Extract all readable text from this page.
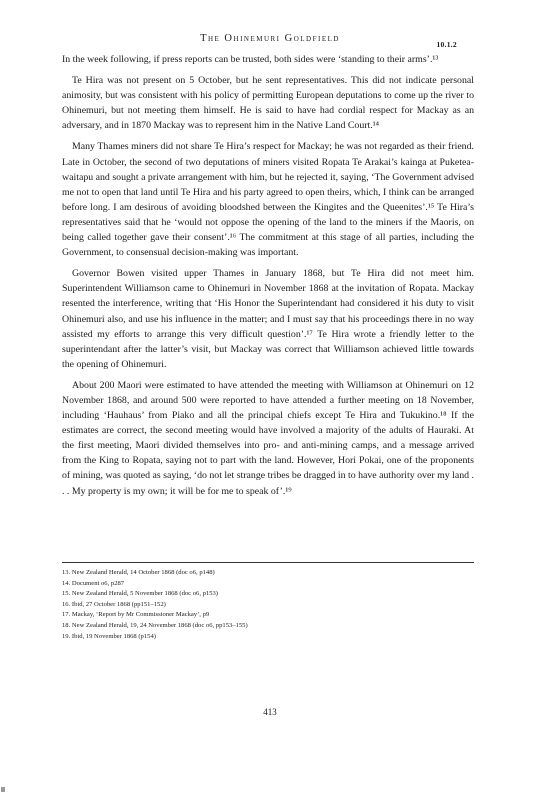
The Ohinemuri Goldfield
10.1.2

In the week following, if press reports can be trusted, both sides were ‘standing to their arms’.¹³

Te Hira was not present on 5 October, but he sent representatives. This did not indicate personal animosity, but was consistent with his policy of permitting European deputations to come up the river to Ohinemuri, but not meeting them himself. He is said to have had cordial respect for Mackay as an adversary, and in 1870 Mackay was to represent him in the Native Land Court.¹⁴

Many Thames miners did not share Te Hira’s respect for Mackay; he was not regarded as their friend. Late in October, the second of two deputations of miners visited Ropata Te Arakai’s kainga at Puketea-waitapu and sought a private arrangement with him, but he rejected it, saying, ‘The Government advised me not to open that land until Te Hira and his party agreed to open theirs, which, I think can be arranged before long. I am desirous of avoiding bloodshed between the Kingites and the Queenites’.¹⁵ Te Hira’s representatives said that he ‘would not oppose the opening of the land to the miners if the Maoris, on being called together gave their consent’.¹⁶ The commitment at this stage of all parties, including the Government, to consensual decision-making was important.

Governor Bowen visited upper Thames in January 1868, but Te Hira did not meet him. Superintendent Williamson came to Ohinemuri in November 1868 at the invitation of Ropata. Mackay resented the interference, writing that ‘His Honor the Superintendant had considered it his duty to visit Ohinemuri also, and use his influence in the matter; and I must say that his proceedings there in no way assisted my efforts to arrange this very difficult question’.¹⁷ Te Hira wrote a friendly letter to the superintendant after the latter’s visit, but Mackay was correct that Williamson achieved little towards the opening of Ohinemuri.

About 200 Maori were estimated to have attended the meeting with Williamson at Ohinemuri on 12 November 1868, and around 500 were reported to have attended a further meeting on 18 November, including ‘Hauhaus’ from Piako and all the principal chiefs except Te Hira and Tukukino.¹⁸ If the estimates are correct, the second meeting would have involved a majority of the adults of Hauraki. At the first meeting, Maori divided themselves into pro- and anti-mining camps, and a message arrived from the King to Ropata, saying not to part with the land. However, Hori Pokai, one of the proponents of mining, was quoted as saying, ‘do not let strange tribes be dragged in to have authority over my land . . . My property is my own; it will be for me to speak of’.¹⁹

13. New Zealand Herald, 14 October 1868 (doc o6, p148)
14. Document o6, p287
15. New Zealand Herald, 5 November 1868 (doc o6, p153)
16. Ibid, 27 October 1868 (pp151–152)
17. Mackay, ‘Report by Mr Commissioner Mackay’, p9
18. New Zealand Herald, 19, 24 November 1868 (doc o6, pp153–155)
19. Ibid, 19 November 1868 (p154)
413
